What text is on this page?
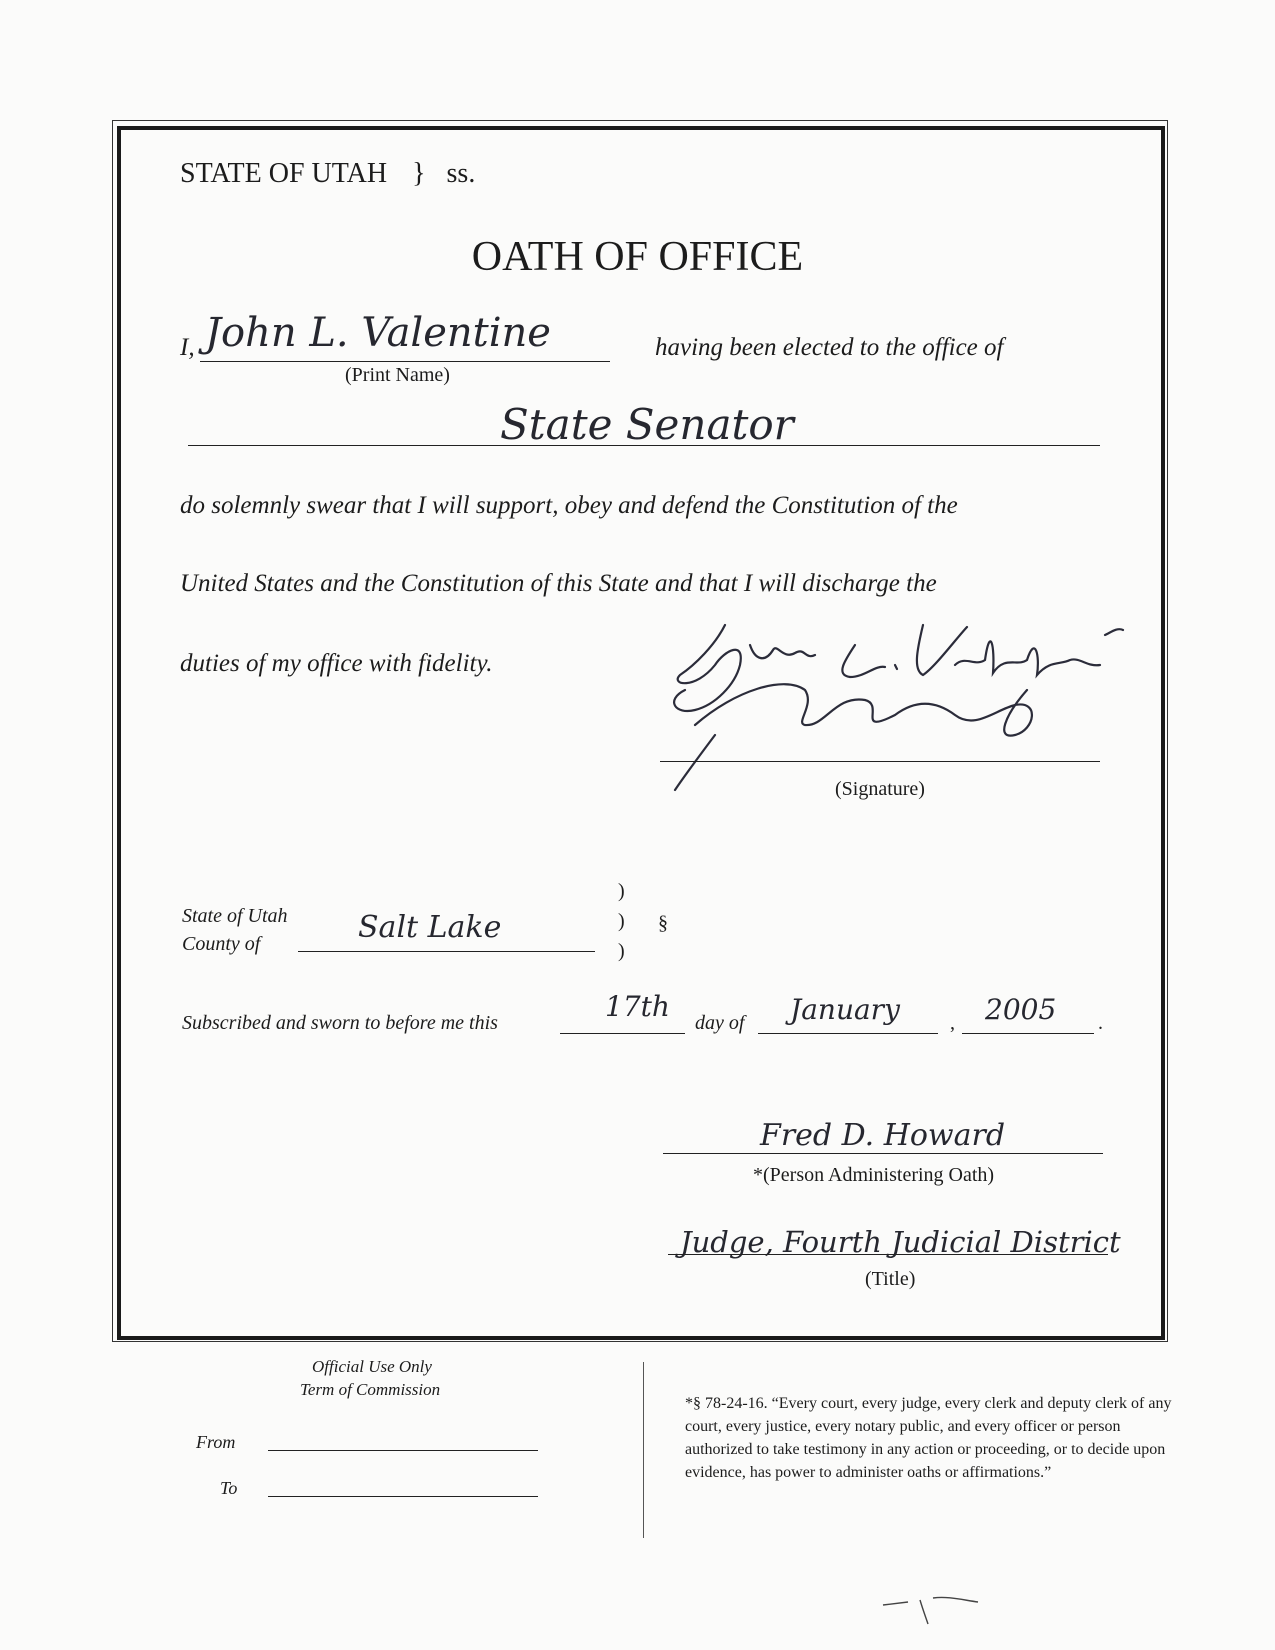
STATE OF UTAH } ss.
OATH OF OFFICE
I, John L. Valentine
(Print Name)
having been elected to the office of
State Senator
do solemnly swear that I will support, obey and defend the Constitution of the
United States and the Constitution of this State and that I will discharge the
duties of my office with fidelity.
(Signature)
State of Utah
County of	Salt Lake
)
)
)
§
Subscribed and sworn to before me this	17th day of January	, 2005 .
Fred D. Howard
*(Person Administering Oath)
Judge, Fourth Judicial District
(Title)
Official Use Only
Term of Commission
From
To
*§ 78-24-16. “Every court, every judge, every clerk and deputy clerk of any court, every justice, every notary public, and every officer or person authorized to take testimony in any action or proceeding, or to decide upon evidence, has power to administer oaths or affirmations.”
